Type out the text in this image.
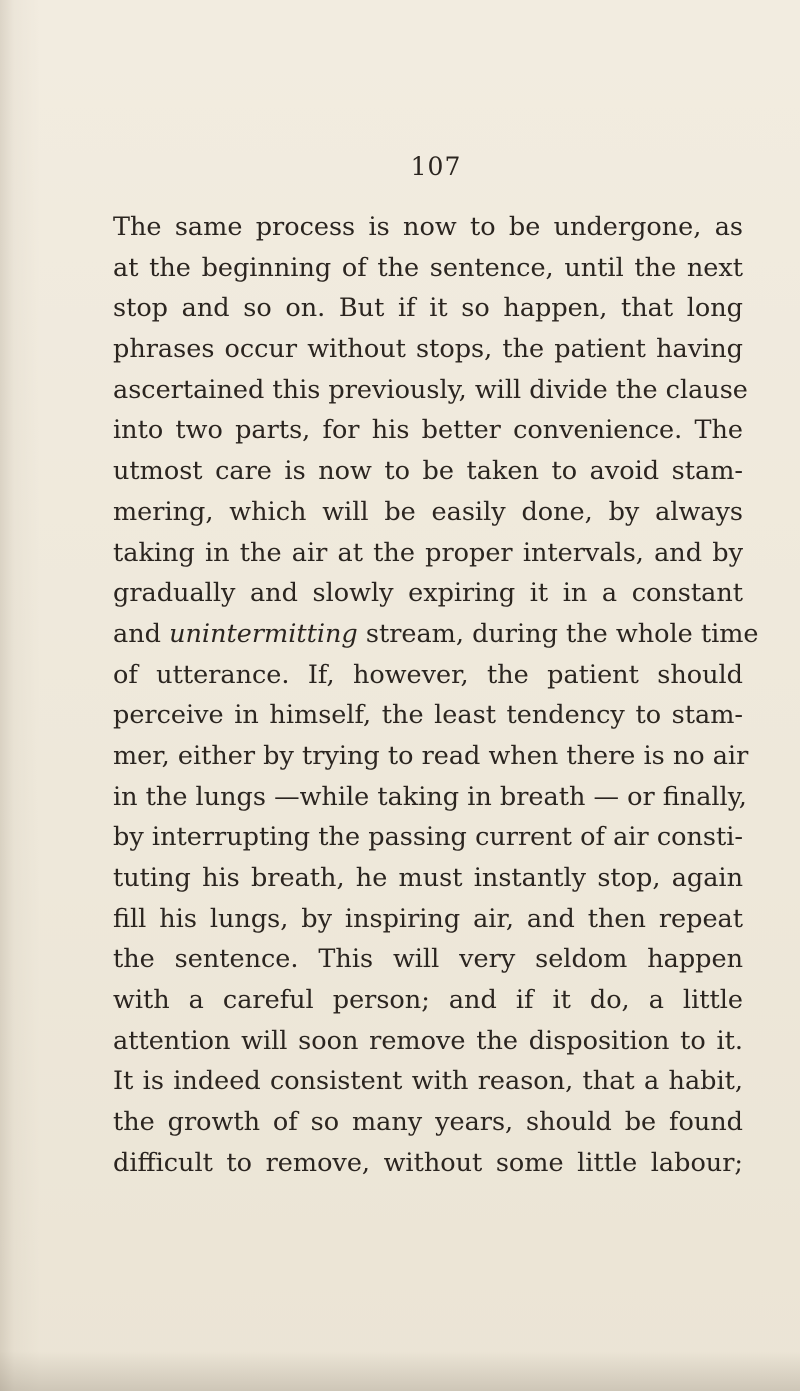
107
The same process is now to be undergone, as
at the beginning of the sentence, until the next
stop and so on. But if it so happen, that long
phrases occur without stops, the patient having
ascertained this previously, will divide the clause
into two parts, for his better convenience. The
utmost care is now to be taken to avoid stam-
mering, which will be easily done, by always
taking in the air at the proper intervals, and by
gradually and slowly expiring it in a constant
and unintermitting stream, during the whole time
of utterance. If, however, the patient should
perceive in himself, the least tendency to stam-
mer, either by trying to read when there is no air
in the lungs —while taking in breath — or finally,
by interrupting the passing current of air consti-
tuting his breath, he must instantly stop, again
fill his lungs, by inspiring air, and then repeat
the sentence. This will very seldom happen
with a careful person; and if it do, a little
attention will soon remove the disposition to it.
It is indeed consistent with reason, that a habit,
the growth of so many years, should be found
difficult to remove, without some little labour;
